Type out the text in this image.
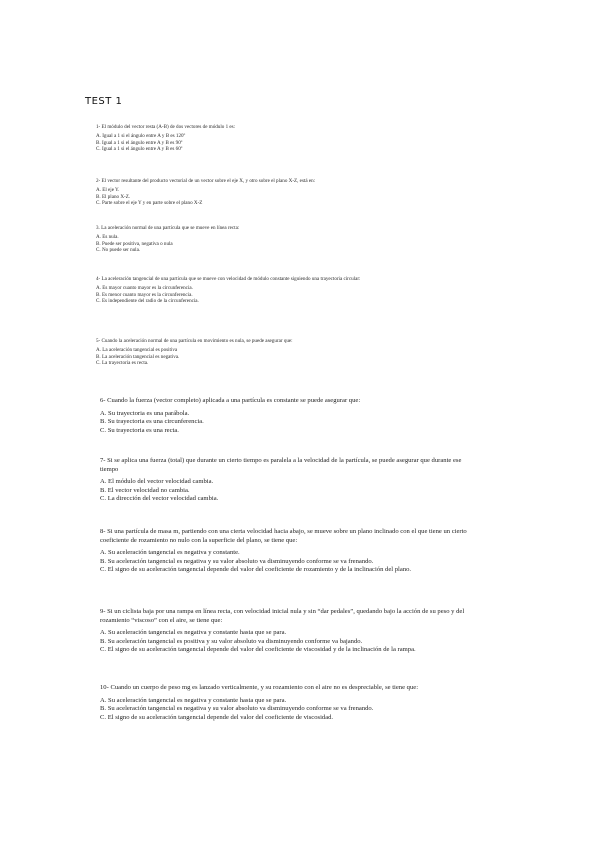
TEST 1
1- El módulo del vector resta (A-B) de dos vectores de módulo 1 es:
A. Igual a 1 si el ángulo entre A y B es 120º
B. Igual a 1 si el ángulo entre A y B es 90º
C. Igual a 1 si el ángulo entre A y B es 60º
2- El vector resultante del producto vectorial de un vector sobre el eje X, y otro sobre el plano X-Z, está en:
A. El eje Y.
B. El plano X-Z.
C. Parte sobre el eje Y y en parte sobre el plano X-Z
3. La aceleración normal de una partícula que se mueve en línea recta:
A. Es nula.
B. Puede ser positiva, negativa o nula
C. No puede ser nula.
4- La aceleración tangencial de una partícula que se mueve con velocidad de módulo constante siguiendo una trayectoria circular:
A. Es mayor cuanto mayor es la circunferencia.
B. Es menor cuanto mayor es la circunferencia.
C. Es independiente del radio de la circunferencia.
5- Cuando la aceleración normal de una partícula en movimiento es nula, se puede asegurar que:
A. La aceleración tangencial es positiva
B. La aceleración tangencial es negativa.
C. La trayectoria es recta.
6- Cuando la fuerza (vector completo) aplicada a una partícula es constante se puede asegurar que:
A. Su trayectoria es una parábola.
B. Su trayectoria es una circunferencia.
C. Su trayectoria es una recta.
7- Si se aplica una fuerza (total) que durante un cierto tiempo es paralela a la velocidad de la partícula, se puede asegurar que durante ese tiempo
A. El módulo del vector velocidad cambia.
B. El vector velocidad no cambia.
C. La dirección del vector velocidad cambia.
8- Si una partícula de masa m, partiendo con una cierta velocidad hacia abajo, se mueve sobre un plano inclinado con el que tiene un cierto coeficiente de rozamiento no nulo con la superficie del plano, se tiene que:
A. Su aceleración tangencial es negativa y constante.
B. Su aceleración tangencial es negativa y su valor absoluto va disminuyendo conforme se va frenando.
C. El signo de su aceleración tangencial depende del valor del coeficiente de rozamiento y de la inclinación del plano.
9- Si un ciclista baja por una rampa en línea recta, con velocidad inicial nula y sin “dar pedales”, quedando bajo la acción de su peso y del rozamiento “viscoso” con el aire, se tiene que:
A. Su aceleración tangencial es negativa y constante hasta que se para.
B. Su aceleración tangencial es positiva y su valor absoluto va disminuyendo conforme va bajando.
C. El signo de su aceleración tangencial depende del valor del coeficiente de viscosidad y de la inclinación de la rampa.
10- Cuando un cuerpo de peso mg es lanzado verticalmente, y su rozamiento con el aire no es despreciable, se tiene que:
A. Su aceleración tangencial es negativa y constante hasta que se para.
B. Su aceleración tangencial es negativa y su valor absoluto va disminuyendo conforme se va frenando.
C. El signo de su aceleración tangencial depende del valor del coeficiente de viscosidad.
